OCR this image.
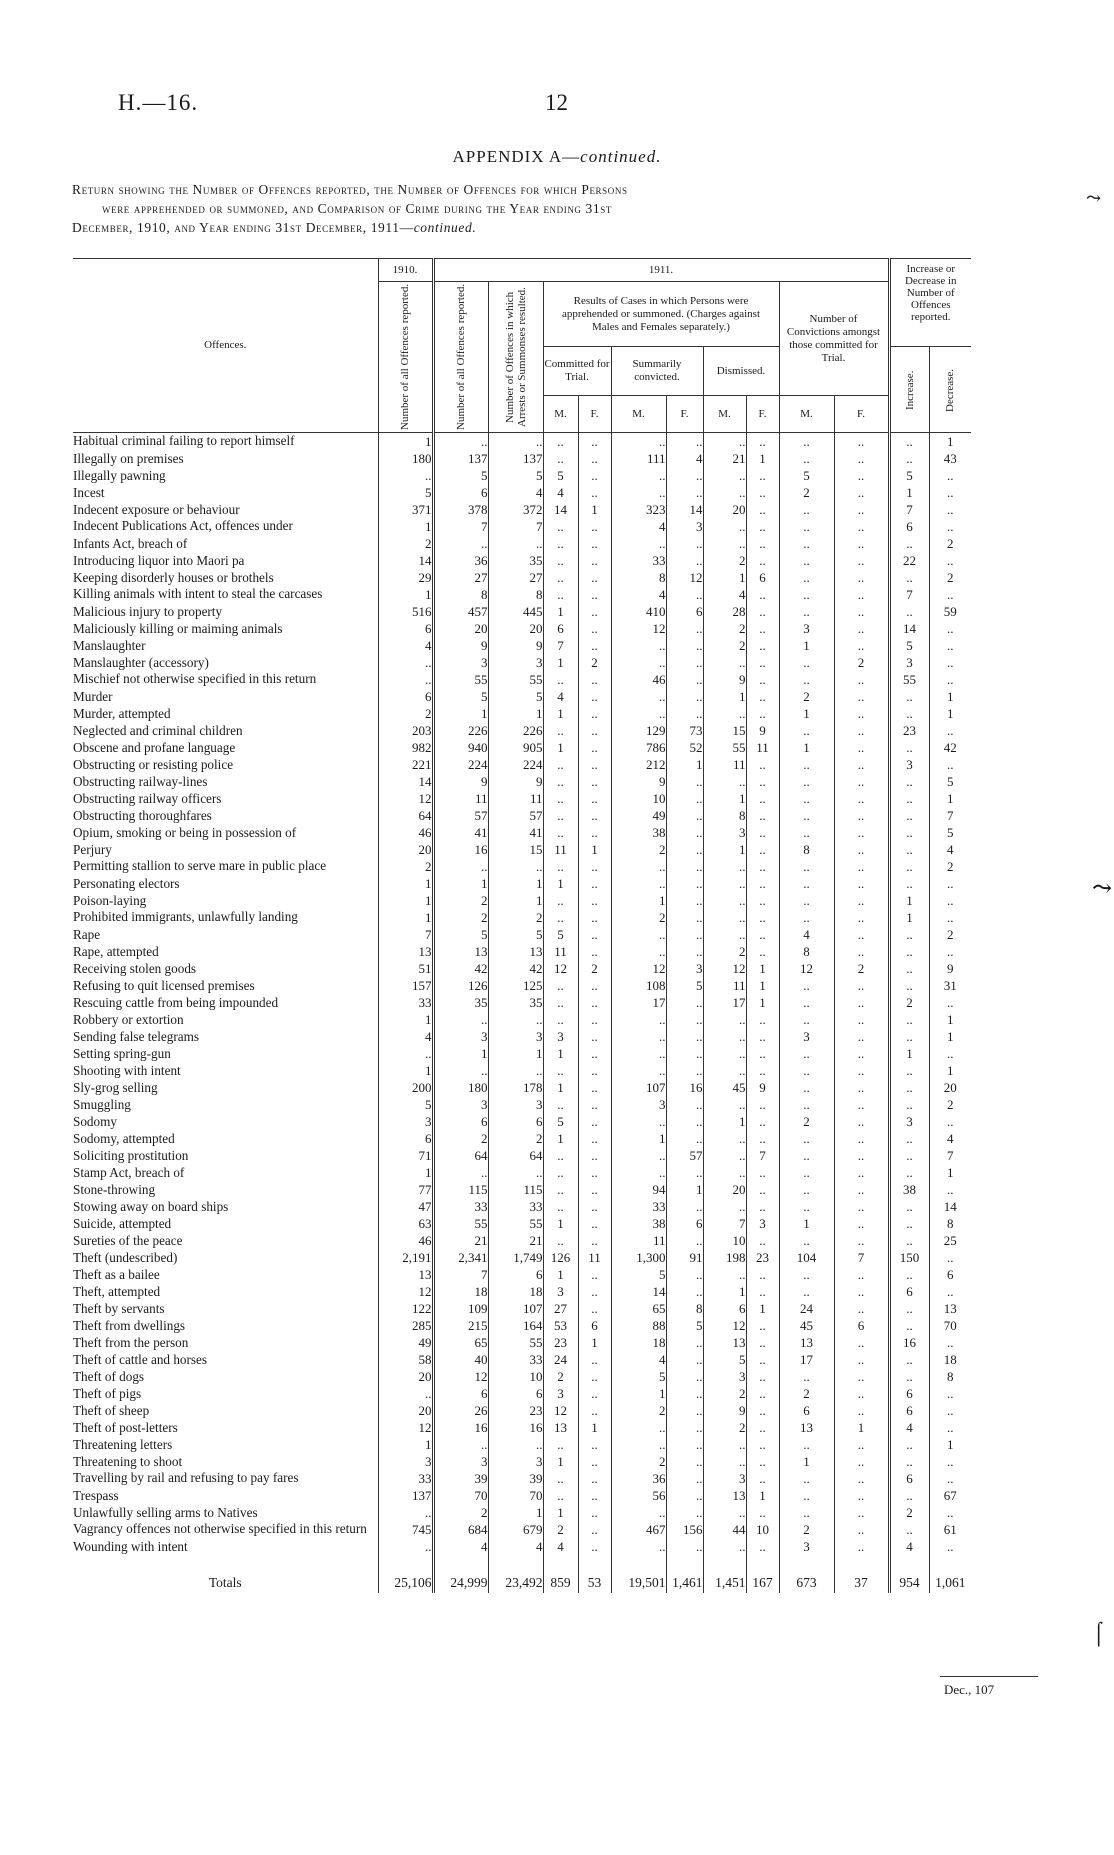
H.—16.	12
APPENDIX A—continued.
Return showing the Number of Offences reported, the Number of Offences for which Persons
were apprehended or summoned, and Comparison of Crime during the Year ending 31st
December, 1910, and Year ending 31st December, 1911—continued.
⤳
⤳
⌠
Offences.	1910.	1911.										Increase or Decrease in Number of Offences reported.	

	Number of all Offences reported.	Number of all Offences reported.	Number of Offences in which Arrests or Summonses resulted.	Results of Cases in which Persons were apprehended or summoned. (Charges against Males and Females separately.)						Number of Convictions amongst those committed for Trial.			
				Committed for Trial.		Summarily convicted.		Dismissed.				Increase.	Decrease.

				M.	F.	M.	F.	M.	F.	M.	F.		
Habitual criminal failing to report himself	1	..	..	..	..	..	..	..	..	..	..	..	1
Illegally on premises	180	137	137	..	..	111	4	21	1	..	..	..	43
Illegally pawning	..	5	5	5	..	..	..	..	..	5	..	5	..
Incest	5	6	4	4	..	..	..	..	..	2	..	1	..
Indecent exposure or behaviour	371	378	372	14	1	323	14	20	..	..	..	7	..
Indecent Publications Act, offences under	1	7	7	..	..	4	3	..	..	..	..	6	..
Infants Act, breach of	2	..	..	..	..	..	..	..	..	..	..	..	2
Introducing liquor into Maori pa	14	36	35	..	..	33	..	2	..	..	..	22	..
Keeping disorderly houses or brothels	29	27	27	..	..	8	12	1	6	..	..	..	2
Killing animals with intent to steal the carcases	1	8	8	..	..	4	..	4	..	..	..	7	..
Malicious injury to property	516	457	445	1	..	410	6	28	..	..	..	..	59
Maliciously killing or maiming animals	6	20	20	6	..	12	..	2	..	3	..	14	..
Manslaughter	4	9	9	7	..	..	..	2	..	1	..	5	..
Manslaughter (accessory)	..	3	3	1	2	..	..	..	..	..	2	3	..
Mischief not otherwise specified in this return	..	55	55	..	..	46	..	9	..	..	..	55	..
Murder	6	5	5	4	..	..	..	1	..	2	..	..	1
Murder, attempted	2	1	1	1	..	..	..	..	..	1	..	..	1
Neglected and criminal children	203	226	226	..	..	129	73	15	9	..	..	23	..
Obscene and profane language	982	940	905	1	..	786	52	55	11	1	..	..	42
Obstructing or resisting police	221	224	224	..	..	212	1	11	..	..	..	3	..
Obstructing railway-lines	14	9	9	..	..	9	..	..	..	..	..	..	5
Obstructing railway officers	12	11	11	..	..	10	..	1	..	..	..	..	1
Obstructing thoroughfares	64	57	57	..	..	49	..	8	..	..	..	..	7
Opium, smoking or being in possession of	46	41	41	..	..	38	..	3	..	..	..	..	5
Perjury	20	16	15	11	1	2	..	1	..	8	..	..	4
Permitting stallion to serve mare in public place	2	..	..	..	..	..	..	..	..	..	..	..	2
Personating electors	1	1	1	1	..	..	..	..	..	..	..	..	..
Poison-laying	1	2	1	..	..	1	..	..	..	..	..	1	..
Prohibited immigrants, unlawfully landing	1	2	2	..	..	2	..	..	..	..	..	1	..
Rape	7	5	5	5	..	..	..	..	..	4	..	..	2
Rape, attempted	13	13	13	11	..	..	..	2	..	8	..	..	..
Receiving stolen goods	51	42	42	12	2	12	3	12	1	12	2	..	9
Refusing to quit licensed premises	157	126	125	..	..	108	5	11	1	..	..	..	31
Rescuing cattle from being impounded	33	35	35	..	..	17	..	17	1	..	..	2	..
Robbery or extortion	1	..	..	..	..	..	..	..	..	..	..	..	1
Sending false telegrams	4	3	3	3	..	..	..	..	..	3	..	..	1
Setting spring-gun	..	1	1	1	..	..	..	..	..	..	..	1	..
Shooting with intent	1	..	..	..	..	..	..	..	..	..	..	..	1
Sly-grog selling	200	180	178	1	..	107	16	45	9	..	..	..	20
Smuggling	5	3	3	..	..	3	..	..	..	..	..	..	2
Sodomy	3	6	6	5	..	..	..	1	..	2	..	3	..
Sodomy, attempted	6	2	2	1	..	1	..	..	..	..	..	..	4
Soliciting prostitution	71	64	64	..	..	..	57	..	7	..	..	..	7
Stamp Act, breach of	1	..	..	..	..	..	..	..	..	..	..	..	1
Stone-throwing	77	115	115	..	..	94	1	20	..	..	..	38	..
Stowing away on board ships	47	33	33	..	..	33	..	..	..	..	..	..	14
Suicide, attempted	63	55	55	1	..	38	6	7	3	1	..	..	8
Sureties of the peace	46	21	21	..	..	11	..	10	..	..	..	..	25
Theft (undescribed)	2,191	2,341	1,749	126	11	1,300	91	198	23	104	7	150	..
Theft as a bailee	13	7	6	1	..	5	..	..	..	..	..	..	6
Theft, attempted	12	18	18	3	..	14	..	1	..	..	..	6	..
Theft by servants	122	109	107	27	..	65	8	6	1	24	..	..	13
Theft from dwellings	285	215	164	53	6	88	5	12	..	45	6	..	70
Theft from the person	49	65	55	23	1	18	..	13	..	13	..	16	..
Theft of cattle and horses	58	40	33	24	..	4	..	5	..	17	..	..	18
Theft of dogs	20	12	10	2	..	5	..	3	..	..	..	..	8
Theft of pigs	..	6	6	3	..	1	..	2	..	2	..	6	..
Theft of sheep	20	26	23	12	..	2	..	9	..	6	..	6	..
Theft of post-letters	12	16	16	13	1	..	..	2	..	13	1	4	..
Threatening letters	1	..	..	..	..	..	..	..	..	..	..	..	1
Threatening to shoot	3	3	3	1	..	2	..	..	..	1	..	..	..
Travelling by rail and refusing to pay fares	33	39	39	..	..	36	..	3	..	..	..	6	..
Trespass	137	70	70	..	..	56	..	13	1	..	..	..	67
Unlawfully selling arms to Natives	..	2	1	1	..	..	..	..	..	..	..	2	..
Vagrancy offences not otherwise specified in this return	745	684	679	2	..	467	156	44	10	2	..	..	61
Wounding with intent	..	4	4	4	..	..	..	..	..	3	..	4	..
Totals	25,106	24,999	23,492	859	53	19,501	1,461	1,451	167	673	37	954	1,061
Dec., 107
